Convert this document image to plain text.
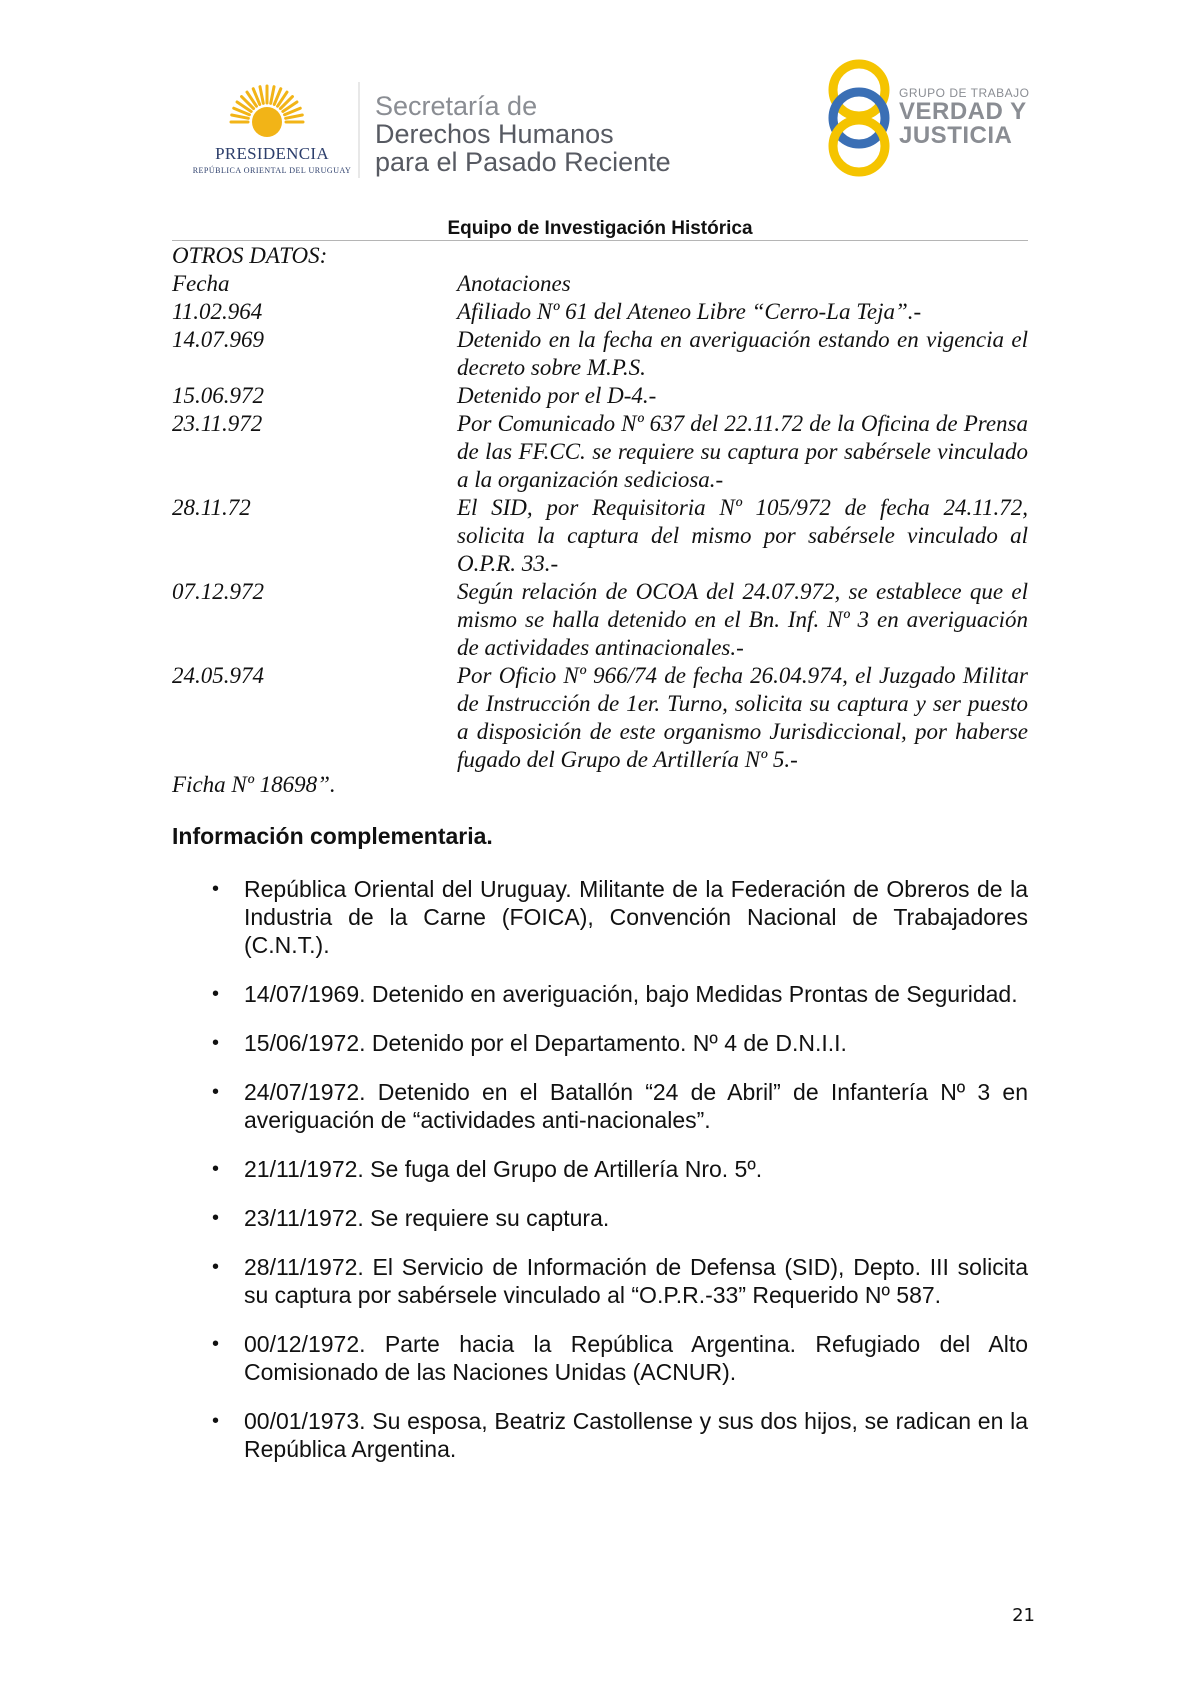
PRESIDENCIA
REPÚBLICA ORIENTAL DEL URUGUAY
Secretaría de
Derechos Humanos
para el Pasado Reciente
GRUPO DE TRABAJO
VERDAD Y
JUSTICIA
Equipo de Investigación Histórica
OTROS DATOS:
Fecha	Anotaciones
11.02.964	Afiliado Nº 61 del Ateneo Libre “Cerro-La Teja”.-
14.07.969	Detenido en la fecha en averiguación estando en vigencia el decreto sobre M.P.S.
15.06.972	Detenido por el D-4.-
23.11.972	Por Comunicado Nº 637 del 22.11.72 de la Oficina de Prensa de las FF.CC. se requiere su captura por sabérsele vinculado a la organización sediciosa.-
28.11.72	El SID, por Requisitoria Nº 105/972 de fecha 24.11.72, solicita la captura del mismo por sabérsele vinculado al O.P.R. 33.-
07.12.972	Según relación de OCOA del 24.07.972, se establece que el mismo se halla detenido en el Bn. Inf. Nº 3 en averiguación de actividades antinacionales.-
24.05.974	Por Oficio Nº 966/74 de fecha 26.04.974, el Juzgado Militar de Instrucción de 1er. Turno, solicita su captura y ser puesto a disposición de este organismo Jurisdiccional, por haberse fugado del Grupo de Artillería Nº 5.-
Ficha Nº 18698”.
Información complementaria.
• República Oriental del Uruguay. Militante de la Federación de Obreros de la Industria de la Carne (FOICA), Convención Nacional de Trabajadores (C.N.T.).
• 14/07/1969. Detenido en averiguación, bajo Medidas Prontas de Seguridad.
• 15/06/1972. Detenido por el Departamento. Nº 4 de D.N.I.I.
• 24/07/1972. Detenido en el Batallón “24 de Abril” de Infantería Nº 3 en averiguación de “actividades anti-nacionales”.
• 21/11/1972. Se fuga del Grupo de Artillería Nro. 5º.
• 23/11/1972. Se requiere su captura.
• 28/11/1972. El Servicio de Información de Defensa (SID), Depto. III solicita su captura por sabérsele vinculado al “O.P.R.-33” Requerido Nº 587.
• 00/12/1972. Parte hacia la República Argentina. Refugiado del Alto Comisionado de las Naciones Unidas (ACNUR).
• 00/01/1973. Su esposa, Beatriz Castollense y sus dos hijos, se radican en la República Argentina.
21
